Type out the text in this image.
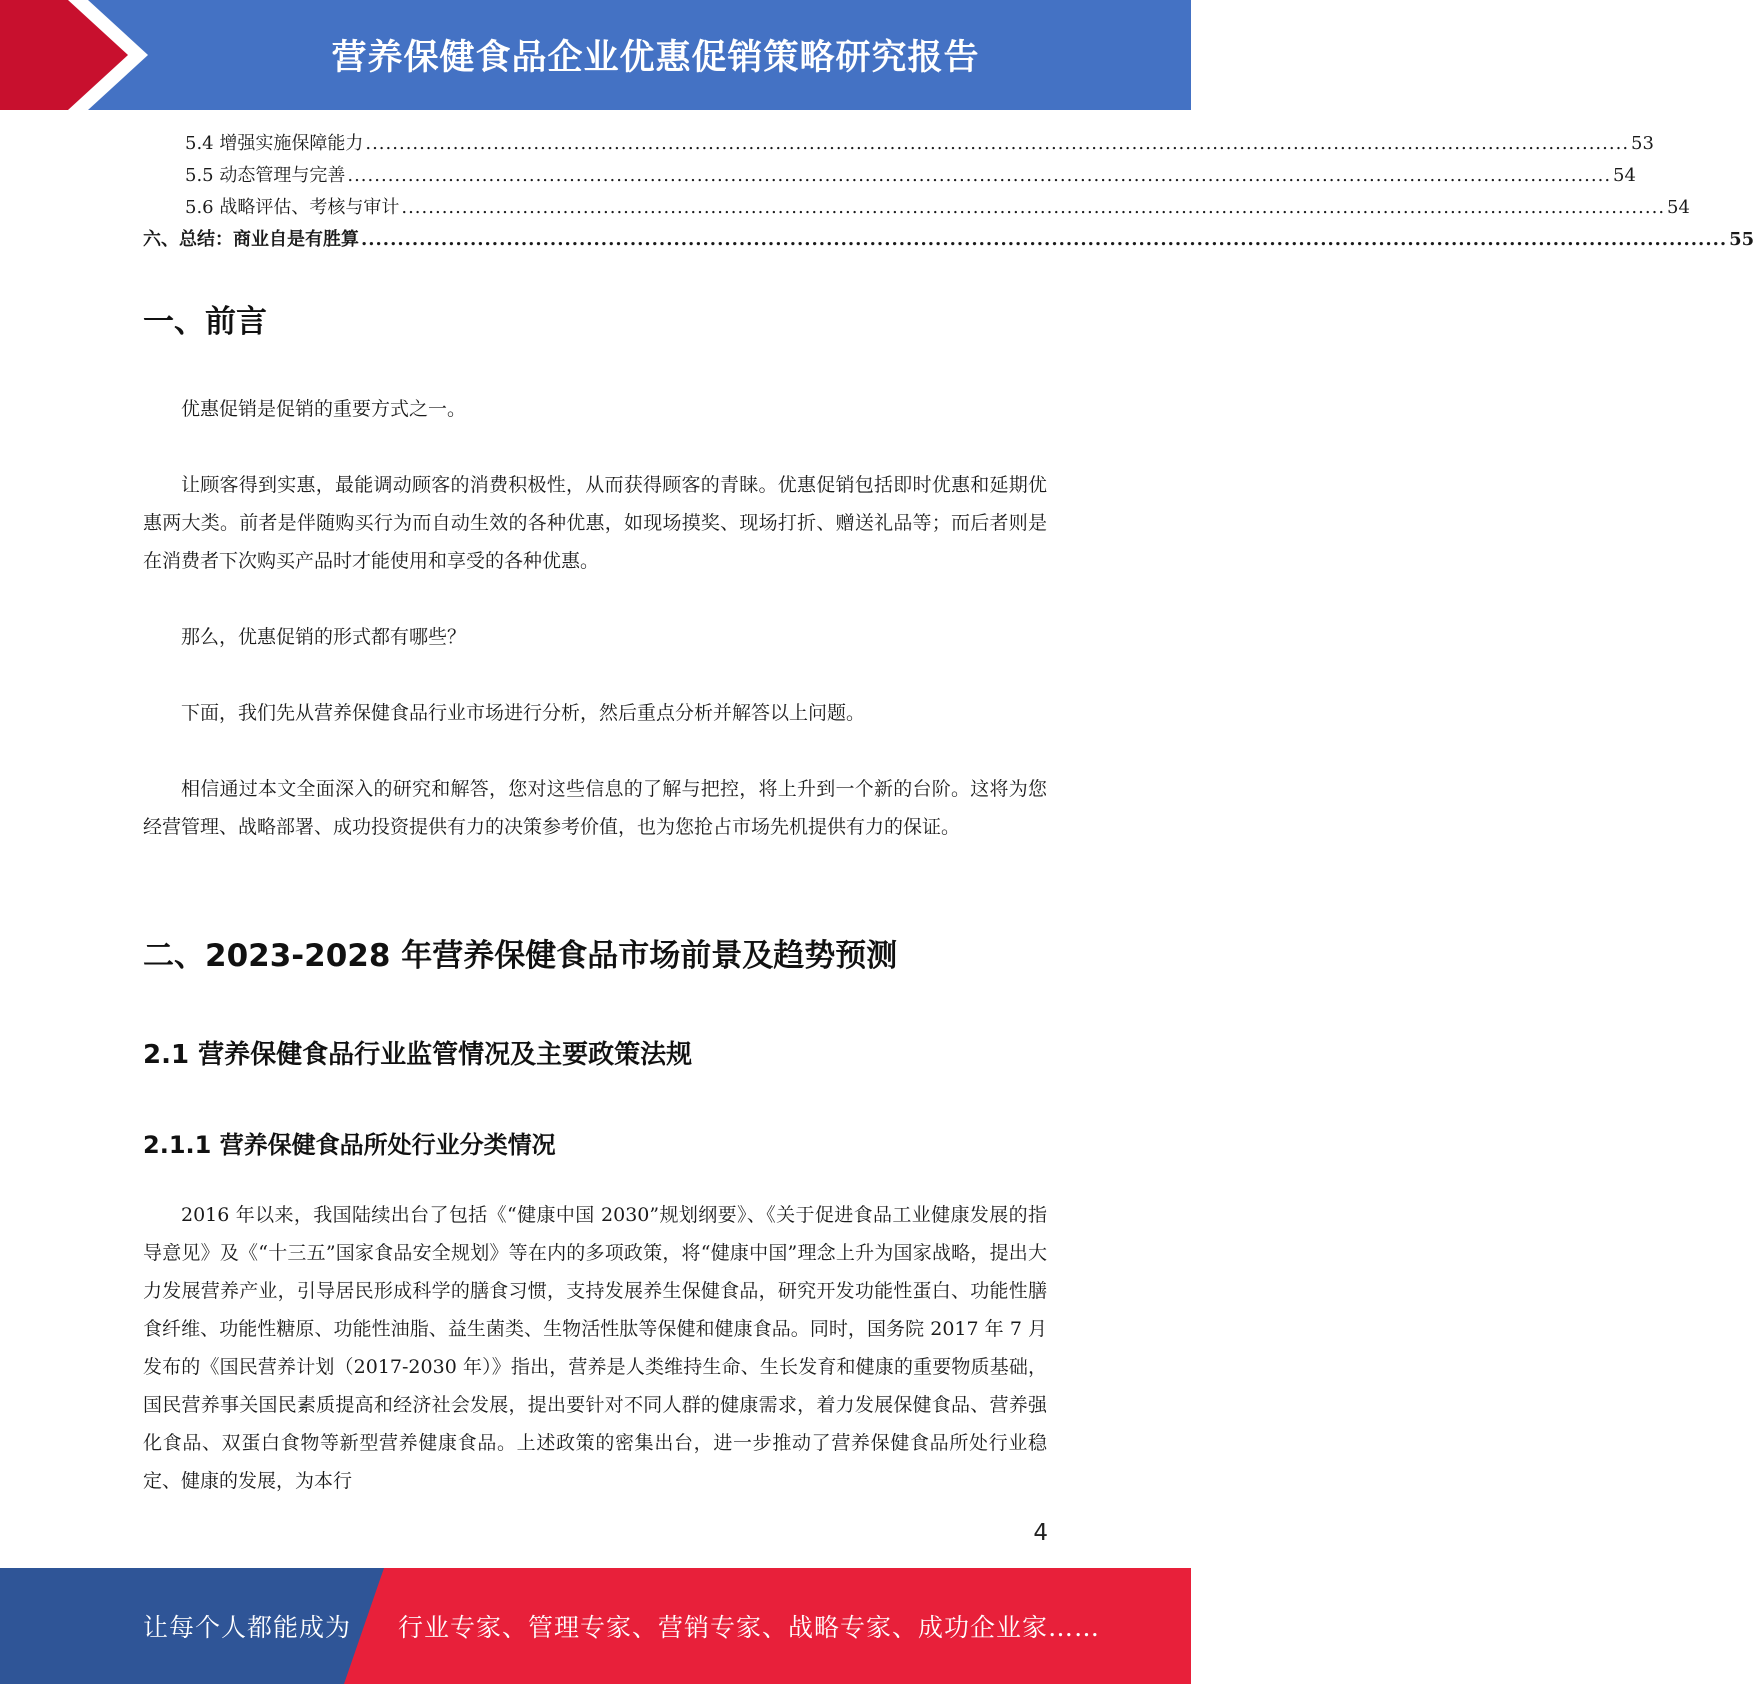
营养保健食品企业优惠促销策略研究报告
5.4 增强实施保障能力 ............................................................................................................................................................................................ 53
5.5 动态管理与完善 ............................................................................................................................................................................................ 54
5.6 战略评估、考核与审计 ............................................................................................................................................................................................ 54
六、总结：商业自是有胜算 ............................................................................................................................................................................................ 55
一、前言

优惠促销是促销的重要方式之一。

让顾客得到实惠，最能调动顾客的消费积极性，从而获得顾客的青睐。优惠促销包括即时优惠和延期优惠两大类。前者是伴随购买行为而自动生效的各种优惠，如现场摸奖、现场打折、赠送礼品等；而后者则是在消费者下次购买产品时才能使用和享受的各种优惠。

那么，优惠促销的形式都有哪些？

下面，我们先从营养保健食品行业市场进行分析，然后重点分析并解答以上问题。

相信通过本文全面深入的研究和解答，您对这些信息的了解与把控，将上升到一个新的台阶。这将为您经营管理、战略部署、成功投资提供有力的决策参考价值，也为您抢占市场先机提供有力的保证。

二、2023-2028 年营养保健食品市场前景及趋势预测
2.1 营养保健食品行业监管情况及主要政策法规
2.1.1 营养保健食品所处行业分类情况

2016 年以来，我国陆续出台了包括《“健康中国 2030”规划纲要》、《关于促进食品工业健康发展的指导意见》及《“十三五”国家食品安全规划》等在内的多项政策，将“健康中国”理念上升为国家战略，提出大力发展营养产业，引导居民形成科学的膳食习惯，支持发展养生保健食品，研究开发功能性蛋白、功能性膳食纤维、功能性糖原、功能性油脂、益生菌类、生物活性肽等保健和健康食品。同时，国务院 2017 年 7 月发布的《国民营养计划（2017-2030 年）》指出，营养是人类维持生命、生长发育和健康的重要物质基础，国民营养事关国民素质提高和经济社会发展，提出要针对不同人群的健康需求，着力发展保健食品、营养强化食品、双蛋白食物等新型营养健康食品。上述政策的密集出台，进一步推动了营养保健食品所处行业稳定、健康的发展，为本行

4
让每个人都能成为 行业专家、管理专家、营销专家、战略专家、成功企业家……
